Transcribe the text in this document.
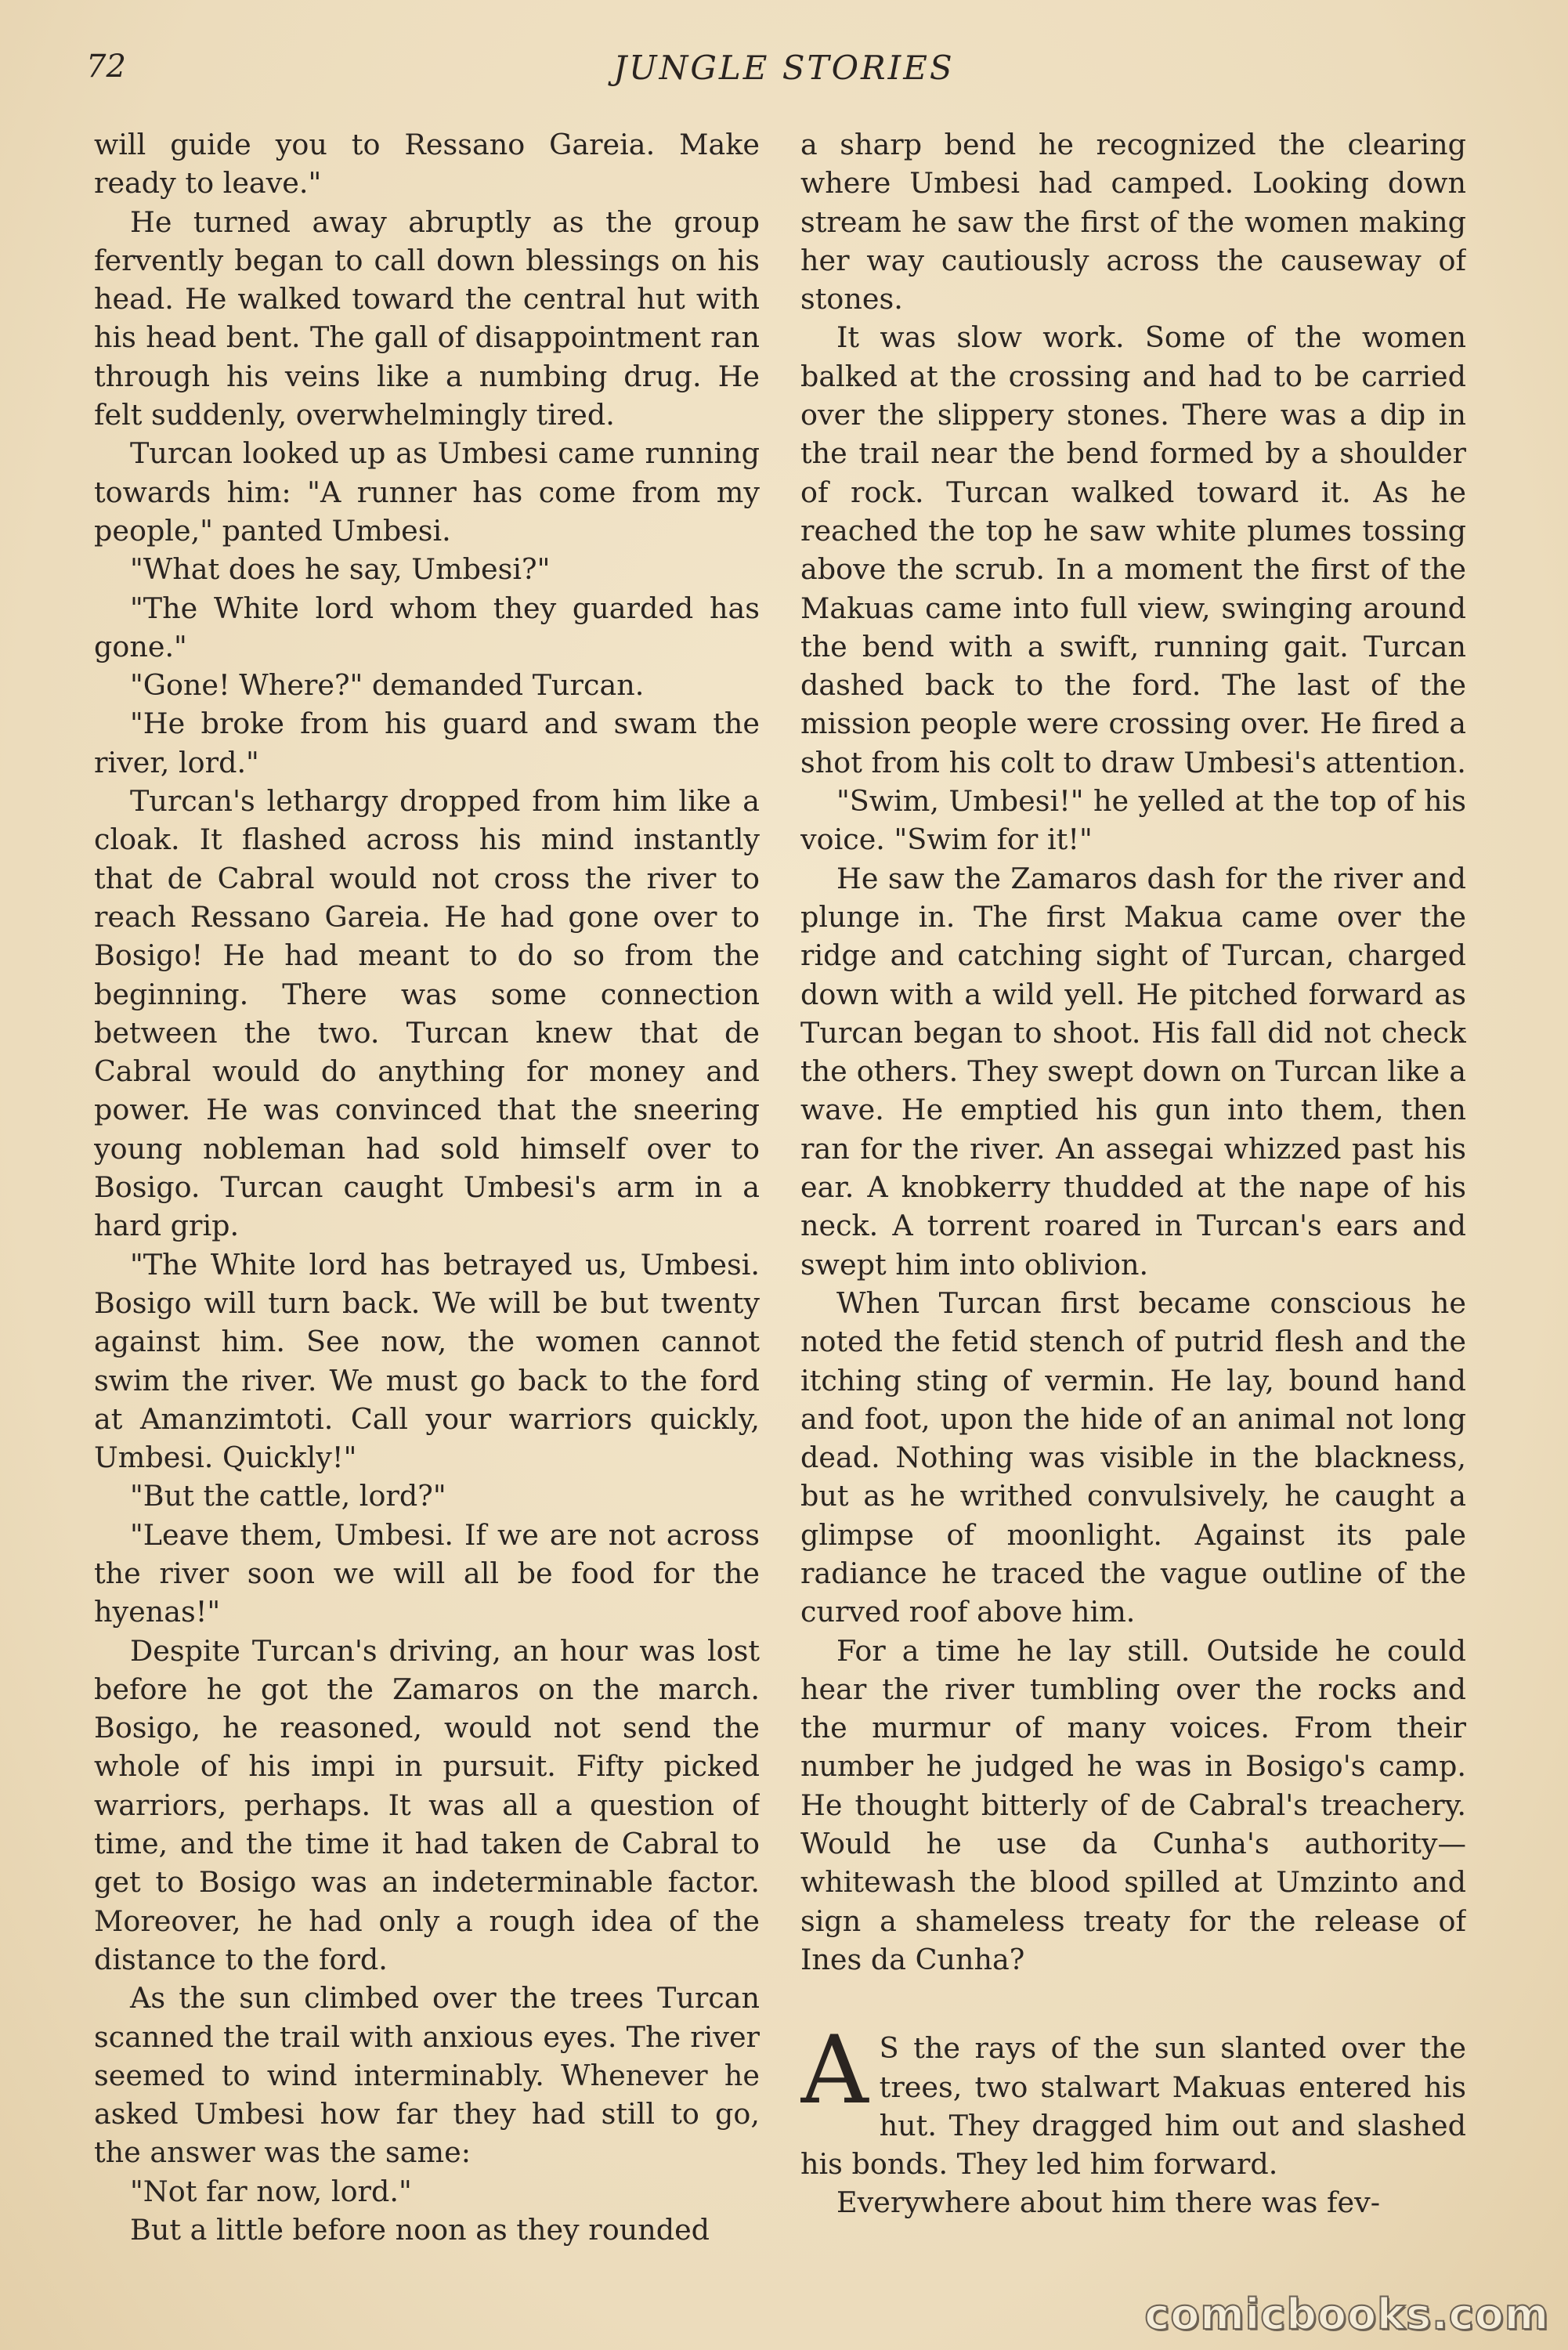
72	JUNGLE STORIES

will guide you to Ressano Gareia. Make ready to leave."

He turned away abruptly as the group fervently began to call down blessings on his head. He walked toward the central hut with his head bent. The gall of disappointment ran through his veins like a numbing drug. He felt suddenly, overwhelmingly tired.

Turcan looked up as Umbesi came running towards him: "A runner has come from my people," panted Umbesi.

"What does he say, Umbesi?"

"The White lord whom they guarded has gone."

"Gone! Where?" demanded Turcan.

"He broke from his guard and swam the river, lord."

Turcan's lethargy dropped from him like a cloak. It flashed across his mind instantly that de Cabral would not cross the river to reach Ressano Gareia. He had gone over to Bosigo! He had meant to do so from the beginning. There was some connection between the two. Turcan knew that de Cabral would do anything for money and power. He was convinced that the sneering young nobleman had sold himself over to Bosigo. Turcan caught Umbesi's arm in a hard grip.

"The White lord has betrayed us, Umbesi. Bosigo will turn back. We will be but twenty against him. See now, the women cannot swim the river. We must go back to the ford at Amanzimtoti. Call your warriors quickly, Umbesi. Quickly!"

"But the cattle, lord?"

"Leave them, Umbesi. If we are not across the river soon we will all be food for the hyenas!"

Despite Turcan's driving, an hour was lost before he got the Zamaros on the march. Bosigo, he reasoned, would not send the whole of his impi in pursuit. Fifty picked warriors, perhaps. It was all a question of time, and the time it had taken de Cabral to get to Bosigo was an indeterminable factor. Moreover, he had only a rough idea of the distance to the ford.

As the sun climbed over the trees Turcan scanned the trail with anxious eyes. The river seemed to wind interminably. Whenever he asked Umbesi how far they had still to go, the answer was the same:

"Not far now, lord."

But a little before noon as they rounded

a sharp bend he recognized the clearing where Umbesi had camped. Looking down stream he saw the first of the women making her way cautiously across the causeway of stones.

It was slow work. Some of the women balked at the crossing and had to be carried over the slippery stones. There was a dip in the trail near the bend formed by a shoulder of rock. Turcan walked toward it. As he reached the top he saw white plumes tossing above the scrub. In a moment the first of the Makuas came into full view, swinging around the bend with a swift, running gait. Turcan dashed back to the ford. The last of the mission people were crossing over. He fired a shot from his colt to draw Umbesi's attention.

"Swim, Umbesi!" he yelled at the top of his voice. "Swim for it!"

He saw the Zamaros dash for the river and plunge in. The first Makua came over the ridge and catching sight of Turcan, charged down with a wild yell. He pitched forward as Turcan began to shoot. His fall did not check the others. They swept down on Turcan like a wave. He emptied his gun into them, then ran for the river. An assegai whizzed past his ear. A knobkerry thudded at the nape of his neck. A torrent roared in Turcan's ears and swept him into oblivion.

When Turcan first became conscious he noted the fetid stench of putrid flesh and the itching sting of vermin. He lay, bound hand and foot, upon the hide of an animal not long dead. Nothing was visible in the blackness, but as he writhed convulsively, he caught a glimpse of moonlight. Against its pale radiance he traced the vague outline of the curved roof above him.

For a time he lay still. Outside he could hear the river tumbling over the rocks and the murmur of many voices. From their number he judged he was in Bosigo's camp. He thought bitterly of de Cabral's treachery. Would he use da Cunha's authority—whitewash the blood spilled at Umzinto and sign a shameless treaty for the release of Ines da Cunha?

A S the rays of the sun slanted over the trees, two stalwart Makuas entered his hut. They dragged him out and slashed his bonds. They led him forward.

Everywhere about him there was fev-

comicbooks.com
